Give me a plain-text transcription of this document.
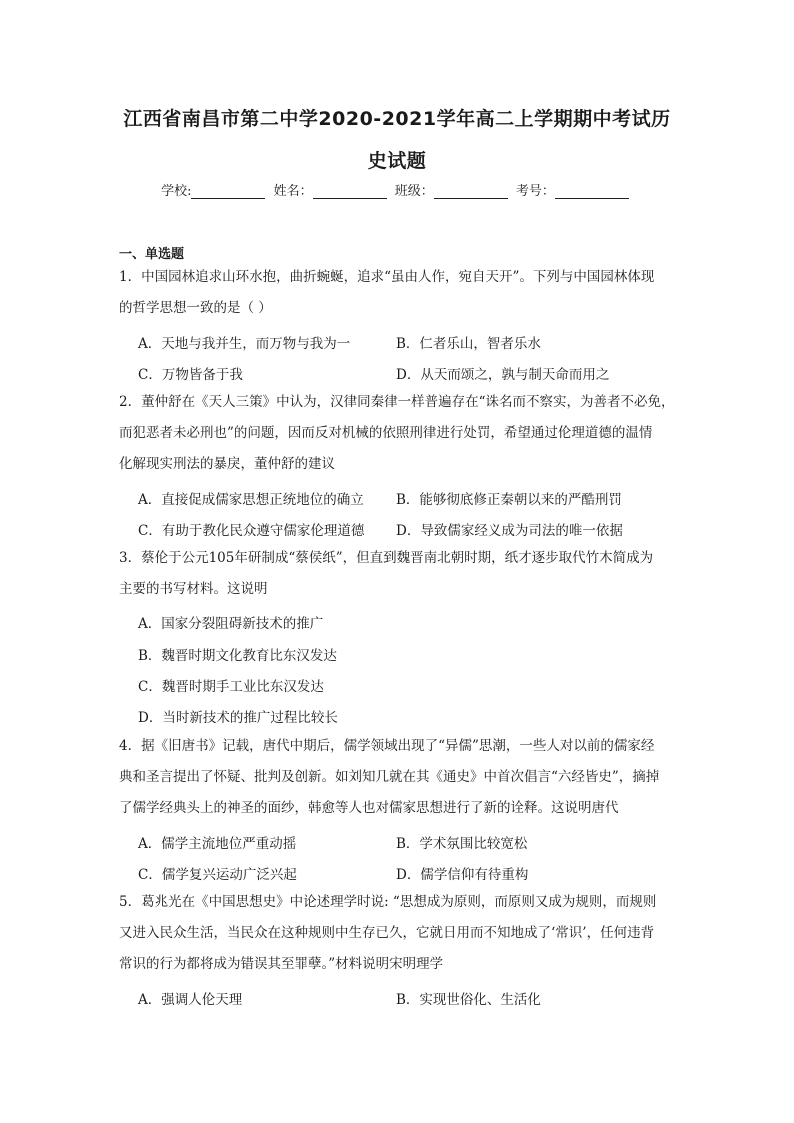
江西省南昌市第二中学2020-2021学年高二上学期期中考试历
史试题
学校:	姓名：	班级：	考号：
一、单选题
1．中国园林追求山环水抱，曲折蜿蜒，追求“虽由人作，宛自天开”。下列与中国园林体现
的哲学思想一致的是（ ）
A．天地与我并生，而万物与我为一	B．仁者乐山，智者乐水
C．万物皆备于我	D．从天而颂之，孰与制天命而用之
2．董仲舒在《天人三策》中认为，汉律同秦律一样普遍存在“诛名而不察实，为善者不必免，
而犯恶者未必刑也”的问题，因而反对机械的依照刑律进行处罚，希望通过伦理道德的温情
化解现实刑法的暴戾，董仲舒的建议
A．直接促成儒家思想正统地位的确立 B．能够彻底修正秦朝以来的严酷刑罚
C．有助于教化民众遵守儒家伦理道德 D．导致儒家经义成为司法的唯一依据
3．蔡伦于公元105年研制成“蔡侯纸”，但直到魏晋南北朝时期，纸才逐步取代竹木简成为
主要的书写材料。这说明
A．国家分裂阻碍新技术的推广
B．魏晋时期文化教育比东汉发达
C．魏晋时期手工业比东汉发达
D．当时新技术的推广过程比较长
4．据《旧唐书》记载，唐代中期后，儒学领域出现了“异儒”思潮，一些人对以前的儒家经
典和圣言提出了怀疑、批判及创新。如刘知几就在其《通史》中首次倡言“六经皆史”，摘掉
了儒学经典头上的神圣的面纱，韩愈等人也对儒家思想进行了新的诠释。这说明唐代
A．儒学主流地位严重动摇	B．学术氛围比较宽松
C．儒学复兴运动广泛兴起	D．儒学信仰有待重构
5．葛兆光在《中国思想史》中论述理学时说: “思想成为原则，而原则又成为规则，而规则
又进入民众生活，当民众在这种规则中生存已久，它就日用而不知地成了‘常识’，任何违背
常识的行为都将成为错误其至罪孽。”材料说明宋明理学
A．强调人伦天理	B．实现世俗化、生活化
